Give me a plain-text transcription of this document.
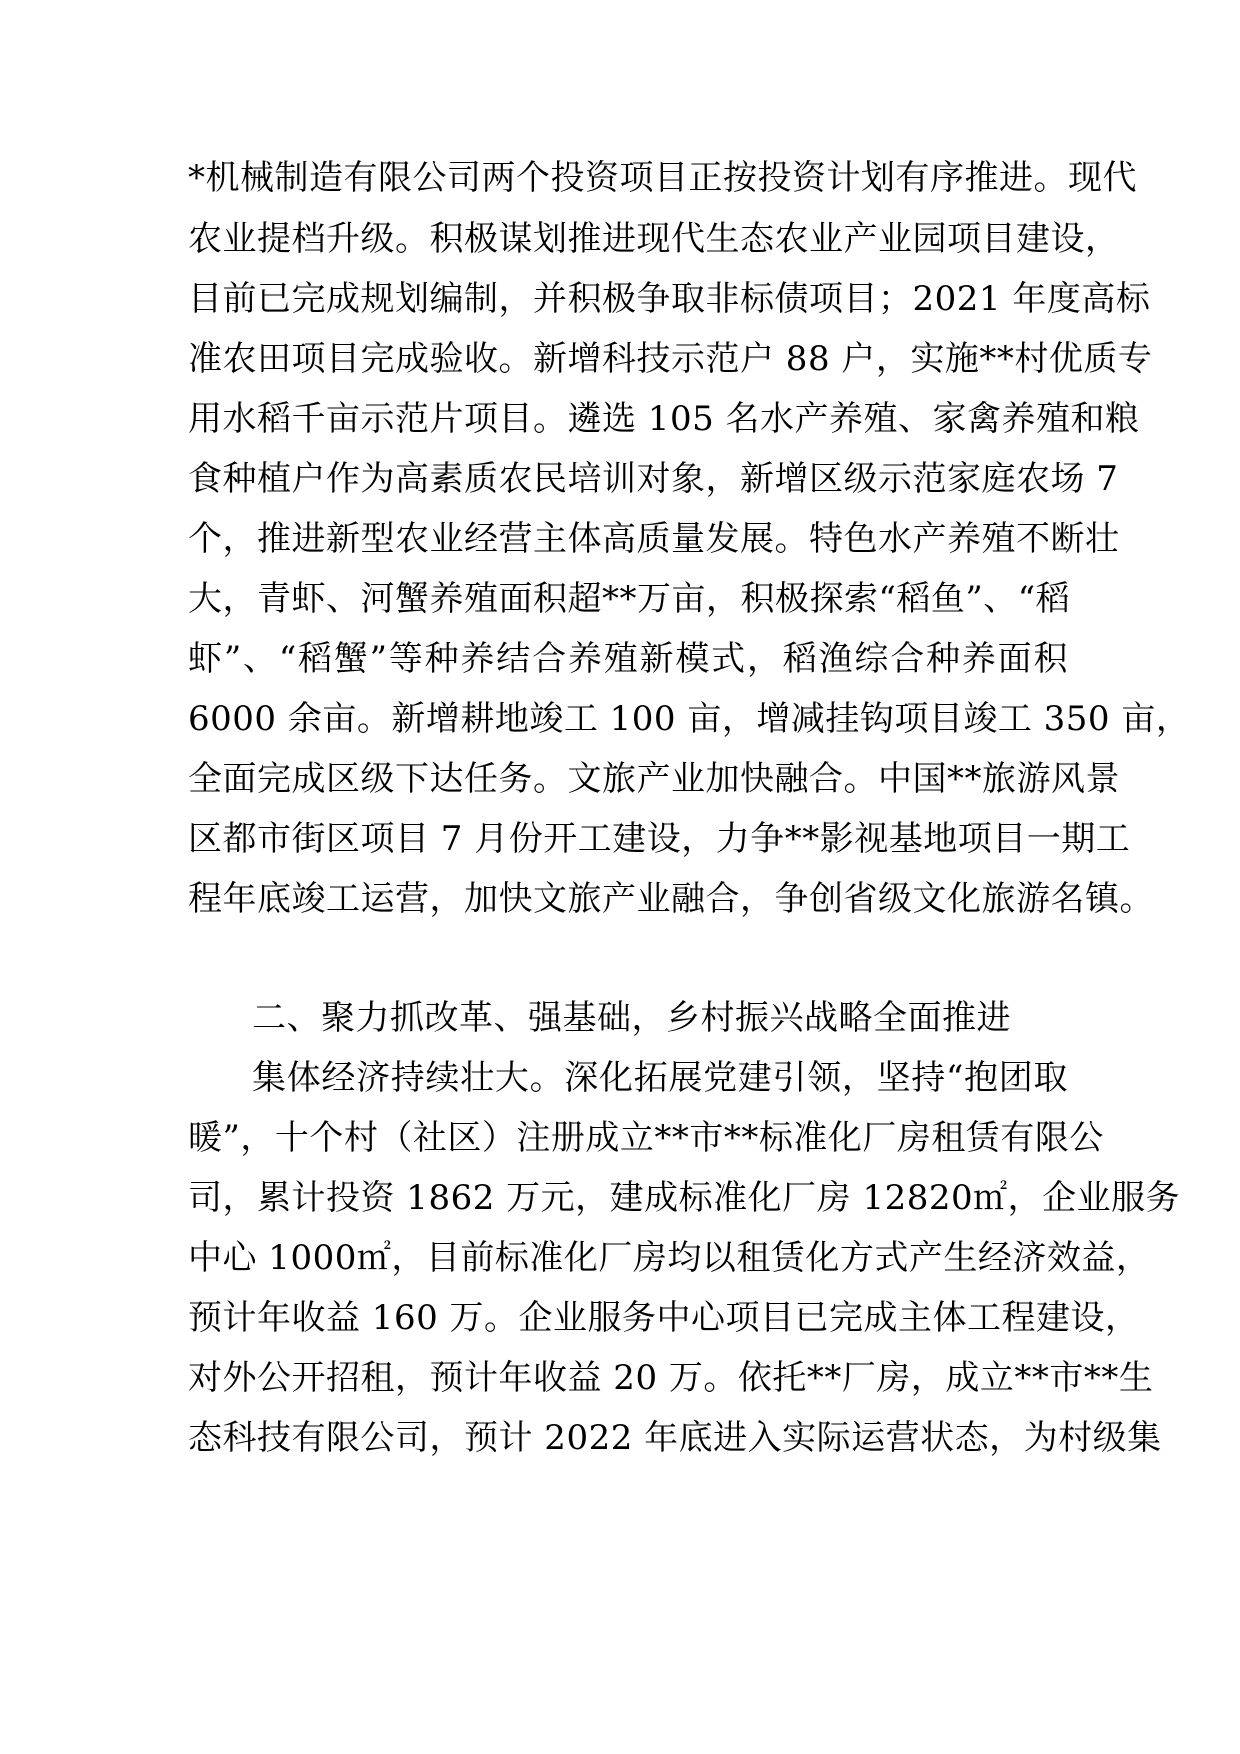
*机械制造有限公司两个投资项目正按投资计划有序推进。现代
农业提档升级。积极谋划推进现代生态农业产业园项目建设，
目前已完成规划编制，并积极争取非标债项目；2021 年度高标
准农田项目完成验收。新增科技示范户 88 户，实施**村优质专
用水稻千亩示范片项目。遴选 105 名水产养殖、家禽养殖和粮
食种植户作为高素质农民培训对象，新增区级示范家庭农场 7
个，推进新型农业经营主体高质量发展。特色水产养殖不断壮
大，青虾、河蟹养殖面积超**万亩，积极探索“稻鱼”、“稻
虾”、“稻蟹”等种养结合养殖新模式，稻渔综合种养面积
6000 余亩。新增耕地竣工 100 亩，增减挂钩项目竣工 350 亩，
全面完成区级下达任务。文旅产业加快融合。中国**旅游风景
区都市街区项目 7 月份开工建设，力争**影视基地项目一期工
程年底竣工运营，加快文旅产业融合，争创省级文化旅游名镇。
二、聚力抓改革、强基础，乡村振兴战略全面推进
集体经济持续壮大。深化拓展党建引领，坚持“抱团取
暖”，十个村（社区）注册成立**市**标准化厂房租赁有限公
司，累计投资 1862 万元，建成标准化厂房 12820㎡，企业服务
中心 1000㎡，目前标准化厂房均以租赁化方式产生经济效益，
预计年收益 160 万。企业服务中心项目已完成主体工程建设，
对外公开招租，预计年收益 20 万。依托**厂房，成立**市**生
态科技有限公司，预计 2022 年底进入实际运营状态，为村级集
